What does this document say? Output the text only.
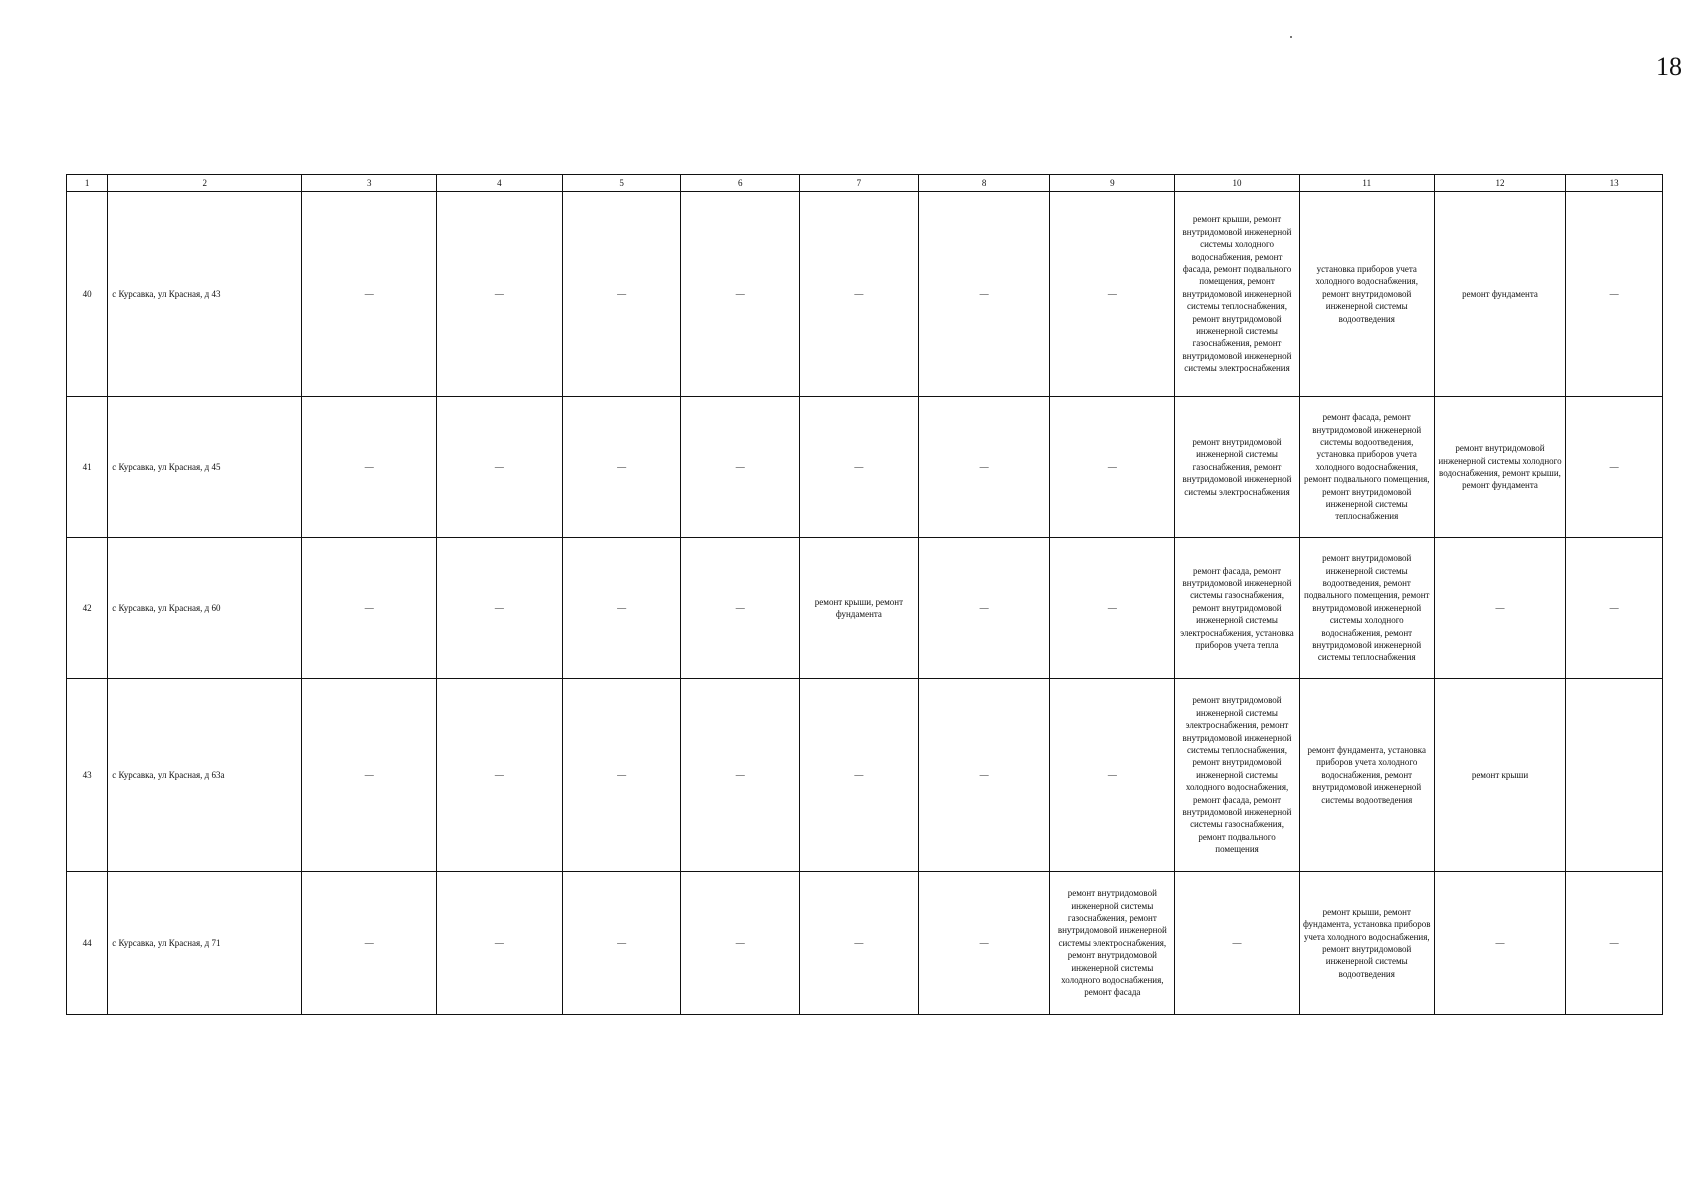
18
1	2	3	4	5	6	7	8	9	10	11	12	13
40	с Курсавка, ул Красная, д 43	—	—	—	—	—	—	—	ремонт крыши, ремонт внутридомовой инженерной системы холодного водоснабжения, ремонт фасада, ремонт подвального помещения, ремонт внутридомовой инженерной системы теплоснабжения, ремонт внутридомовой инженерной системы газоснабжения, ремонт внутридомовой инженерной системы электроснабжения	установка приборов учета холодного водоснабжения, ремонт внутридомовой инженерной системы водоотведения	ремонт фундамента	—
41	с Курсавка, ул Красная, д 45	—	—	—	—	—	—	—	ремонт внутридомовой инженерной системы газоснабжения, ремонт внутридомовой инженерной системы электроснабжения	ремонт фасада, ремонт внутридомовой инженерной системы водоотведения, установка приборов учета холодного водоснабжения, ремонт подвального помещения, ремонт внутридомовой инженерной системы теплоснабжения	ремонт внутридомовой инженерной системы холодного водоснабжения, ремонт крыши, ремонт фундамента	—
42	с Курсавка, ул Красная, д 60	—	—	—	—	ремонт крыши, ремонт фундамента	—	—	ремонт фасада, ремонт внутридомовой инженерной системы газоснабжения, ремонт внутридомовой инженерной системы электроснабжения, установка приборов учета тепла	ремонт внутридомовой инженерной системы водоотведения, ремонт подвального помещения, ремонт внутридомовой инженерной системы холодного водоснабжения, ремонт внутридомовой инженерной системы теплоснабжения	—	—
43	с Курсавка, ул Красная, д 63а	—	—	—	—	—	—	—	ремонт внутридомовой инженерной системы электроснабжения, ремонт внутридомовой инженерной системы теплоснабжения, ремонт внутридомовой инженерной системы холодного водоснабжения, ремонт фасада, ремонт внутридомовой инженерной системы газоснабжения, ремонт подвального помещения	ремонт фундамента, установка приборов учета холодного водоснабжения, ремонт внутридомовой инженерной системы водоотведения	ремонт крыши	
44	с Курсавка, ул Красная, д 71	—	—	—	—	—	—	ремонт внутридомовой инженерной системы газоснабжения, ремонт внутридомовой инженерной системы электроснабжения, ремонт внутридомовой инженерной системы холодного водоснабжения, ремонт фасада	—	ремонт крыши, ремонт фундамента, установка приборов учета холодного водоснабжения, ремонт внутридомовой инженерной системы водоотведения	—	—
